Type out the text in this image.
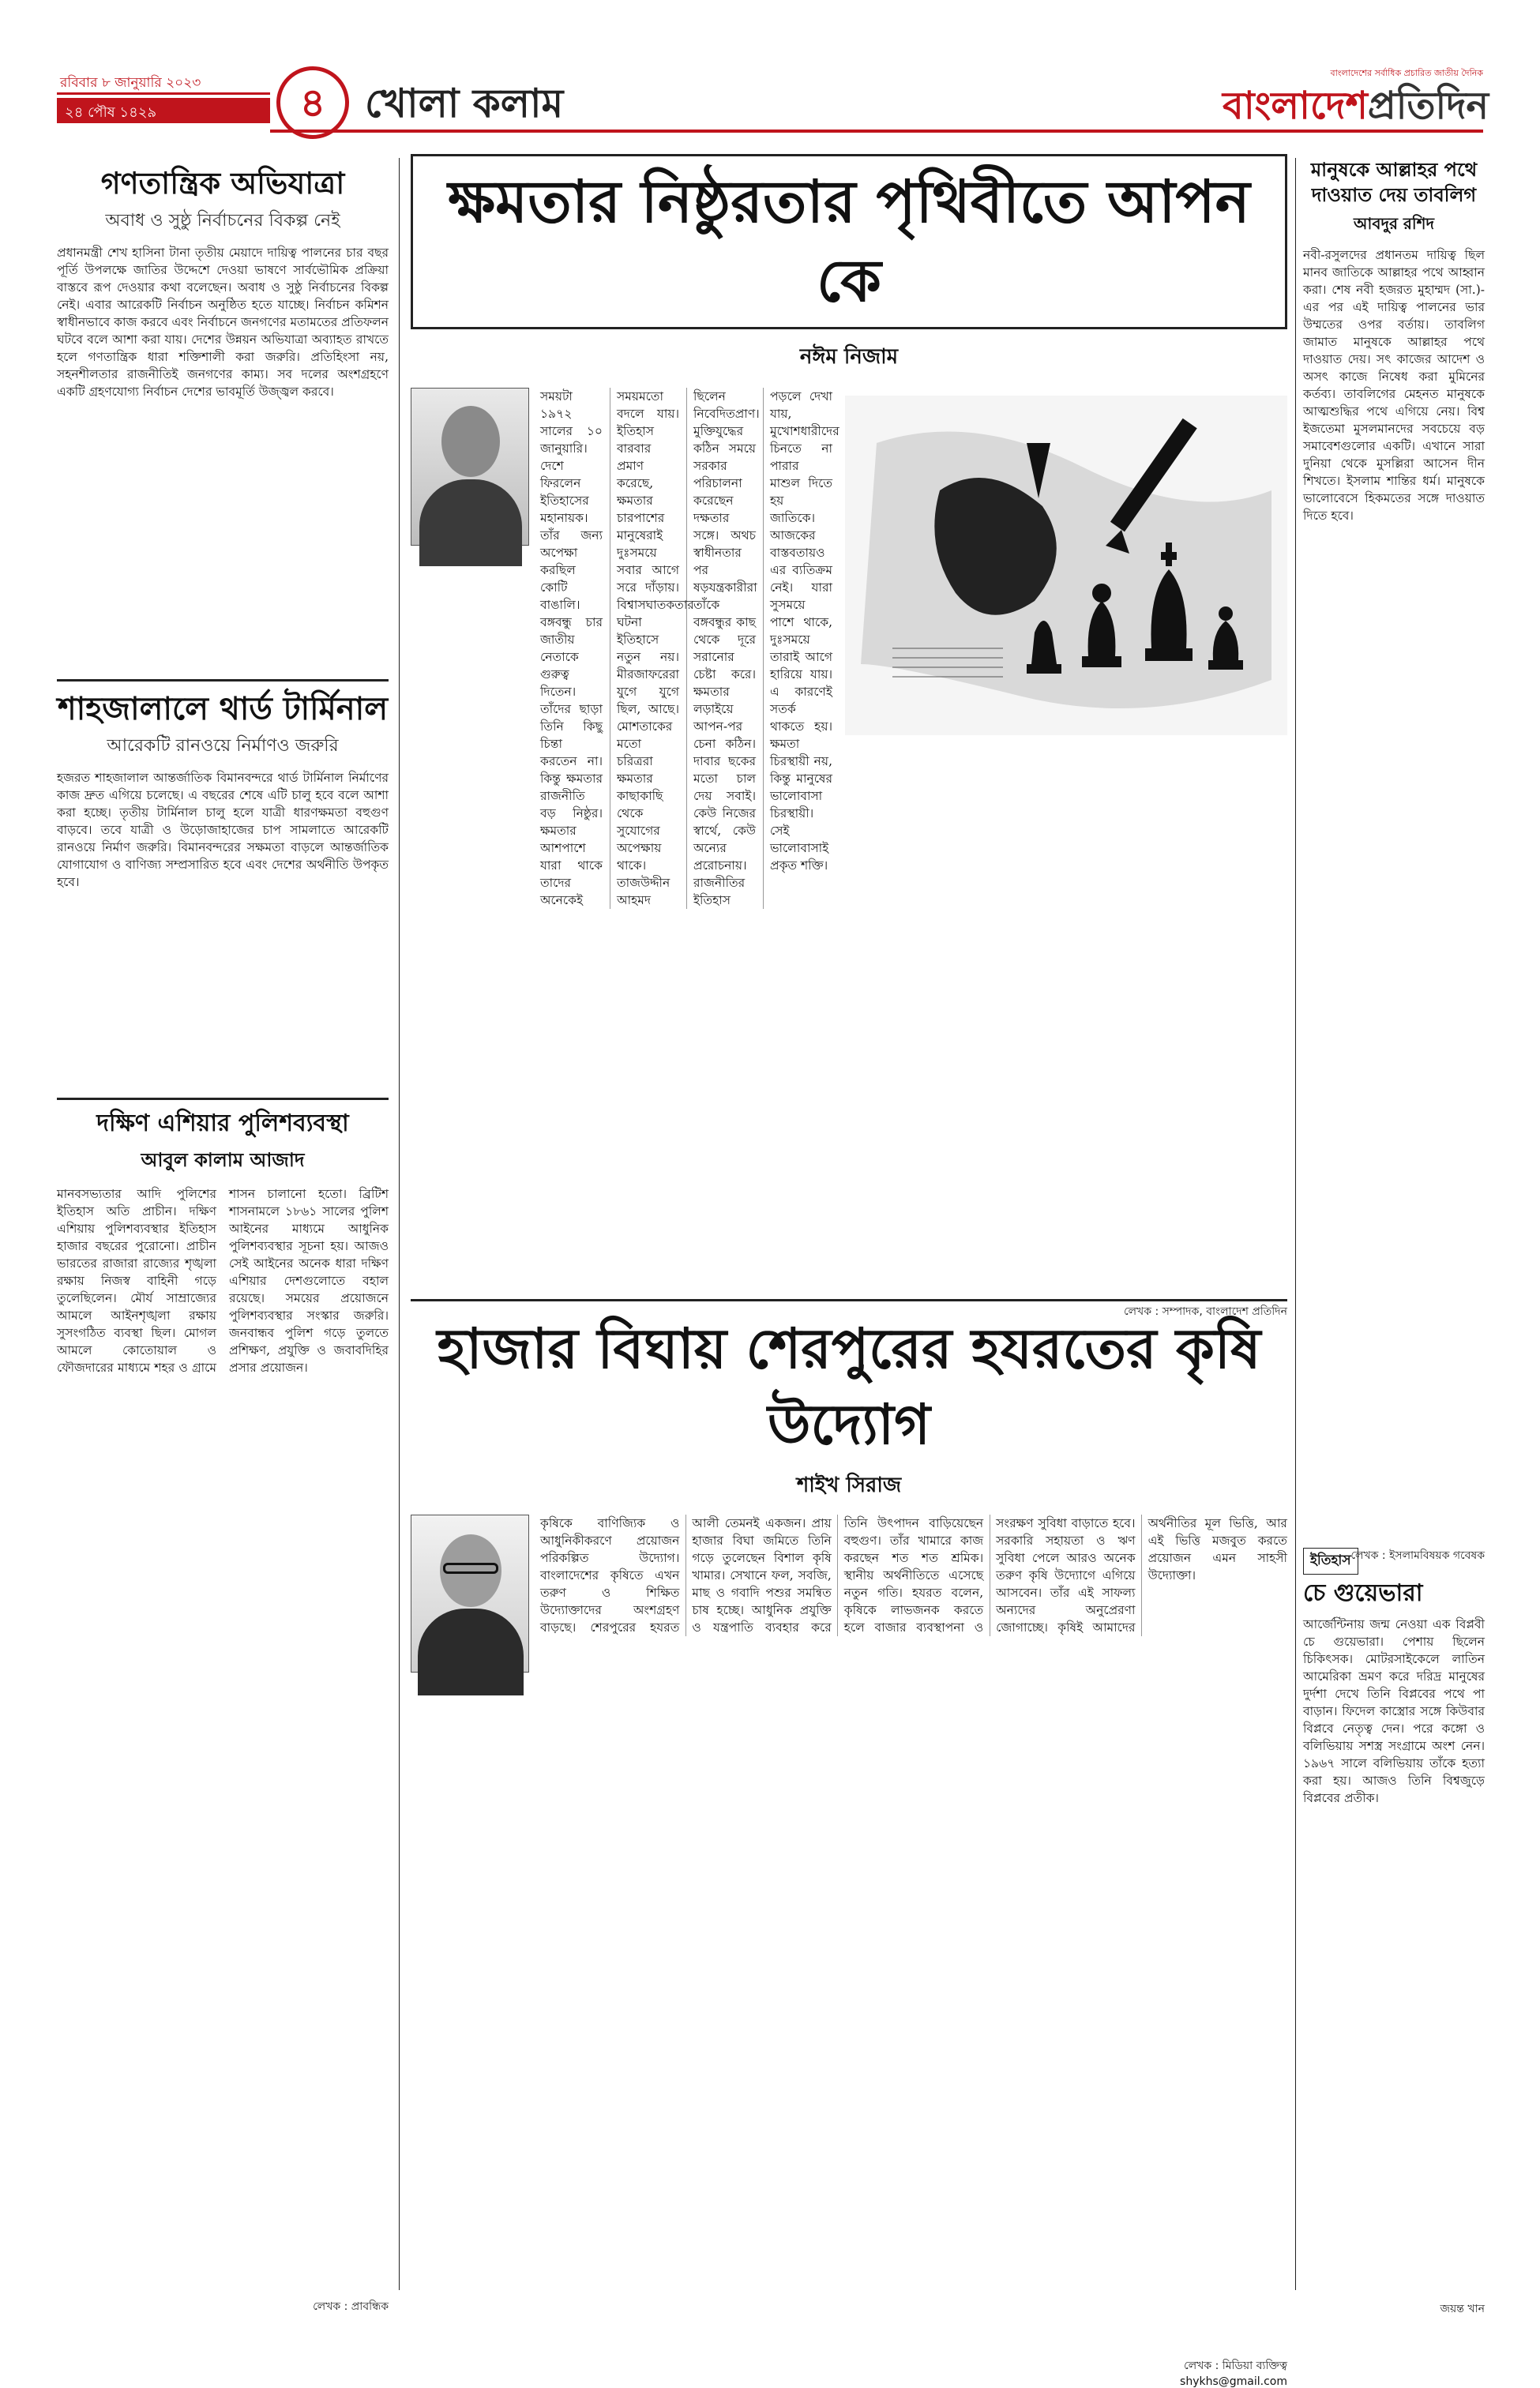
রবিবার ৮ জানুয়ারি ২০২৩
২৪ পৌষ ১৪২৯	৪ খোলা কলাম
বাংলাদেশের সর্বাধিক প্রচারিত জাতীয় দৈনিক
বাংলাদেশপ্রতিদিন
গণতান্ত্রিক অভিযাত্রা
অবাধ ও সুষ্ঠু নির্বাচনের বিকল্প নেই
প্রধানমন্ত্রী শেখ হাসিনা টানা তৃতীয় মেয়াদে দায়িত্ব পালনের চার বছর পূর্তি উপলক্ষে জাতির উদ্দেশে দেওয়া ভাষণে সার্বভৌমিক প্রক্রিয়া বাস্তবে রূপ দেওয়ার কথা বলেছেন। অবাধ ও সুষ্ঠু নির্বাচনের বিকল্প নেই। এবার আরেকটি নির্বাচন অনুষ্ঠিত হতে যাচ্ছে। নির্বাচন কমিশন স্বাধীনভাবে কাজ করবে এবং নির্বাচনে জনগণের মতামতের প্রতিফলন ঘটবে বলে আশা করা যায়। দেশের উন্নয়ন অভিযাত্রা অব্যাহত রাখতে হলে গণতান্ত্রিক ধারা শক্তিশালী করা জরুরি। প্রতিহিংসা নয়, সহনশীলতার রাজনীতিই জনগণের কাম্য। সব দলের অংশগ্রহণে একটি গ্রহণযোগ্য নির্বাচন দেশের ভাবমূর্তি উজ্জ্বল করবে।
শাহজালালে থার্ড টার্মিনাল
আরেকটি রানওয়ে নির্মাণও জরুরি
হজরত শাহজালাল আন্তর্জাতিক বিমানবন্দরে থার্ড টার্মিনাল নির্মাণের কাজ দ্রুত এগিয়ে চলেছে। এ বছরের শেষে এটি চালু হবে বলে আশা করা হচ্ছে। তৃতীয় টার্মিনাল চালু হলে যাত্রী ধারণক্ষমতা বহুগুণ বাড়বে। তবে যাত্রী ও উড়োজাহাজের চাপ সামলাতে আরেকটি রানওয়ে নির্মাণ জরুরি। বিমানবন্দরের সক্ষমতা বাড়লে আন্তর্জাতিক যোগাযোগ ও বাণিজ্য সম্প্রসারিত হবে এবং দেশের অর্থনীতি উপকৃত হবে।
দক্ষিণ এশিয়ার পুলিশব্যবস্থা
আবুল কালাম আজাদ
মানবসভ্যতার আদি পুলিশের ইতিহাস অতি প্রাচীন। দক্ষিণ এশিয়ায় পুলিশব্যবস্থার ইতিহাস হাজার বছরের পুরোনো। প্রাচীন ভারতের রাজারা রাজ্যের শৃঙ্খলা রক্ষায় নিজস্ব বাহিনী গড়ে তুলেছিলেন। মৌর্য সাম্রাজ্যের আমলে আইনশৃঙ্খলা রক্ষায় সুসংগঠিত ব্যবস্থা ছিল। মোগল আমলে কোতোয়াল ও ফৌজদারের মাধ্যমে শহর ও গ্রামে শাসন চালানো হতো। ব্রিটিশ শাসনামলে ১৮৬১ সালের পুলিশ আইনের মাধ্যমে আধুনিক পুলিশব্যবস্থার সূচনা হয়। আজও সেই আইনের অনেক ধারা দক্ষিণ এশিয়ার দেশগুলোতে বহাল রয়েছে। সময়ের প্রয়োজনে পুলিশব্যবস্থার সংস্কার জরুরি। জনবান্ধব পুলিশ গড়ে তুলতে প্রশিক্ষণ, প্রযুক্তি ও জবাবদিহির প্রসার প্রয়োজন।
লেখক : প্রাবন্ধিক
ক্ষমতার নিষ্ঠুরতার পৃথিবীতে আপন কে
নঈম নিজাম
সময়টা ১৯৭২ সালের ১০ জানুয়ারি। দেশে ফিরলেন ইতিহাসের মহানায়ক। তাঁর জন্য অপেক্ষা করছিল কোটি বাঙালি। বঙ্গবন্ধু চার জাতীয় নেতাকে গুরুত্ব দিতেন। তাঁদের ছাড়া তিনি কিছু চিন্তা করতেন না। কিন্তু ক্ষমতার রাজনীতি বড় নিষ্ঠুর। ক্ষমতার আশপাশে যারা থাকে তাদের অনেকেই সময়মতো বদলে যায়। ইতিহাস বারবার প্রমাণ করেছে, ক্ষমতার চারপাশের মানুষেরাই দুঃসময়ে সবার আগে সরে দাঁড়ায়। বিশ্বাসঘাতকতার ঘটনা ইতিহাসে নতুন নয়। মীরজাফরেরা যুগে যুগে ছিল, আছে। মোশতাকের মতো চরিত্ররা ক্ষমতার কাছাকাছি থেকে সুযোগের অপেক্ষায় থাকে। তাজউদ্দীন আহমদ ছিলেন নিবেদিতপ্রাণ। মুক্তিযুদ্ধের কঠিন সময়ে সরকার পরিচালনা করেছেন দক্ষতার সঙ্গে। অথচ স্বাধীনতার পর ষড়যন্ত্রকারীরা তাঁকে বঙ্গবন্ধুর কাছ থেকে দূরে সরানোর চেষ্টা করে। ক্ষমতার লড়াইয়ে আপন-পর চেনা কঠিন। দাবার ছকের মতো চাল দেয় সবাই। কেউ নিজের স্বার্থে, কেউ অন্যের প্ররোচনায়। রাজনীতির ইতিহাস পড়লে দেখা যায়, মুখোশধারীদের চিনতে না পারার মাশুল দিতে হয় জাতিকে। আজকের বাস্তবতায়ও এর ব্যতিক্রম নেই। যারা সুসময়ে পাশে থাকে, দুঃসময়ে তারাই আগে হারিয়ে যায়। এ কারণেই সতর্ক থাকতে হয়। ক্ষমতা চিরস্থায়ী নয়, কিন্তু মানুষের ভালোবাসা চিরস্থায়ী। সেই ভালোবাসাই প্রকৃত শক্তি।
লেখক : সম্পাদক, বাংলাদেশ প্রতিদিন
মানুষকে আল্লাহর পথে দাওয়াত দেয় তাবলিগ
আবদুর রশিদ
নবী-রসুলদের প্রধানতম দায়িত্ব ছিল মানব জাতিকে আল্লাহর পথে আহ্বান করা। শেষ নবী হজরত মুহাম্মদ (সা.)-এর পর এই দায়িত্ব পালনের ভার উম্মতের ওপর বর্তায়। তাবলিগ জামাত মানুষকে আল্লাহর পথে দাওয়াত দেয়। সৎ কাজের আদেশ ও অসৎ কাজে নিষেধ করা মুমিনের কর্তব্য। তাবলিগের মেহনত মানুষকে আত্মশুদ্ধির পথে এগিয়ে নেয়। বিশ্ব ইজতেমা মুসলমানদের সবচেয়ে বড় সমাবেশগুলোর একটি। এখানে সারা দুনিয়া থেকে মুসল্লিরা আসেন দীন শিখতে। ইসলাম শান্তির ধর্ম। মানুষকে ভালোবেসে হিকমতের সঙ্গে দাওয়াত দিতে হবে।
লেখক : ইসলামবিষয়ক গবেষক
ইতিহাস
চে গুয়েভারা
আর্জেন্টিনায় জন্ম নেওয়া এক বিপ্লবী চে গুয়েভারা। পেশায় ছিলেন চিকিৎসক। মোটরসাইকেলে লাতিন আমেরিকা ভ্রমণ করে দরিদ্র মানুষের দুর্দশা দেখে তিনি বিপ্লবের পথে পা বাড়ান। ফিদেল কাস্ত্রোর সঙ্গে কিউবার বিপ্লবে নেতৃত্ব দেন। পরে কঙ্গো ও বলিভিয়ায় সশস্ত্র সংগ্রামে অংশ নেন। ১৯৬৭ সালে বলিভিয়ায় তাঁকে হত্যা করা হয়। আজও তিনি বিশ্বজুড়ে বিপ্লবের প্রতীক।
জয়ন্ত খান
হাজার বিঘায় শেরপুরের হযরতের কৃষি উদ্যোগ
শাইখ সিরাজ
কৃষিকে বাণিজ্যিক ও আধুনিকীকরণে প্রয়োজন পরিকল্পিত উদ্যোগ। বাংলাদেশের কৃষিতে এখন তরুণ ও শিক্ষিত উদ্যোক্তাদের অংশগ্রহণ বাড়ছে। শেরপুরের হযরত আলী তেমনই একজন। প্রায় হাজার বিঘা জমিতে তিনি গড়ে তুলেছেন বিশাল কৃষি খামার। সেখানে ফল, সবজি, মাছ ও গবাদি পশুর সমন্বিত চাষ হচ্ছে। আধুনিক প্রযুক্তি ও যন্ত্রপাতি ব্যবহার করে তিনি উৎপাদন বাড়িয়েছেন বহুগুণ। তাঁর খামারে কাজ করছেন শত শত শ্রমিক। স্থানীয় অর্থনীতিতে এসেছে নতুন গতি। হযরত বলেন, কৃষিকে লাভজনক করতে হলে বাজার ব্যবস্থাপনা ও সংরক্ষণ সুবিধা বাড়াতে হবে। সরকারি সহায়তা ও ঋণ সুবিধা পেলে আরও অনেক তরুণ কৃষি উদ্যোগে এগিয়ে আসবেন। তাঁর এই সাফল্য অন্যদের অনুপ্রেরণা জোগাচ্ছে। কৃষিই আমাদের অর্থনীতির মূল ভিত্তি, আর এই ভিত্তি মজবুত করতে প্রয়োজন এমন সাহসী উদ্যোক্তা।
লেখক : মিডিয়া ব্যক্তিত্ব
shykhs@gmail.com
